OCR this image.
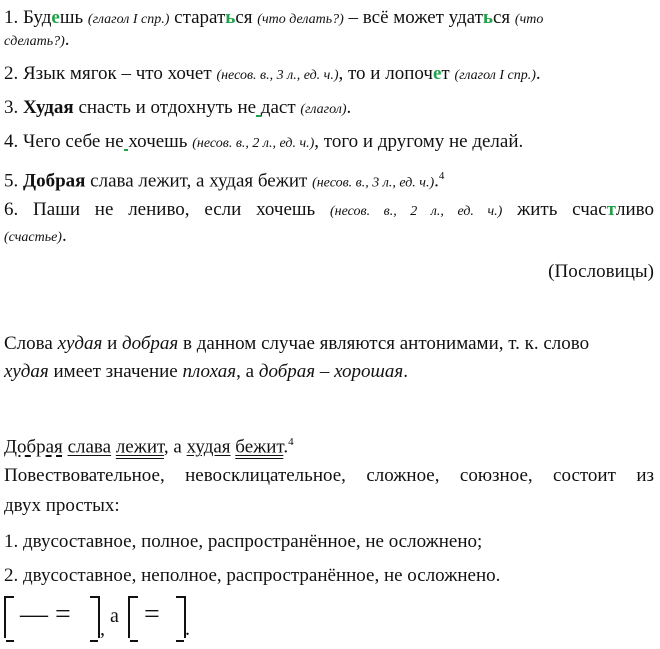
1. Будешь (глагол I спр.) стараться (что делать?) – всё может удаться (что
сделать?).
2. Язык мягок – что хочет (несов. в., 3 л., ед. ч.), то и лопочет (глагол I спр.).
3. Худая снасть и отдохнуть не даст (глагол).
4. Чего себе не хочешь (несов. в., 2 л., ед. ч.), того и другому не делай.
5. Добрая слава лежит, а худая бежит (несов. в., 3 л., ед. ч.).$^4$
6. Паши не лениво, если хочешь (несов. в., 2 л., ед. ч.) жить счастливо
(счастье).
(Пословицы)
Слова худая и добрая в данном случае являются антонимами, т. к. слово
худая имеет значение плохая, а добрая – хорошая.
Добрая слава лежит, а худая бежит.$^4$
Повествовательное, невосклицательное, сложное, союзное, состоит из
двух простых:
1. двусоставное, полное, распространённое, не осложнено;
2. двусоставное, неполное, распространённое, не осложнено.
— = ,
а = .
